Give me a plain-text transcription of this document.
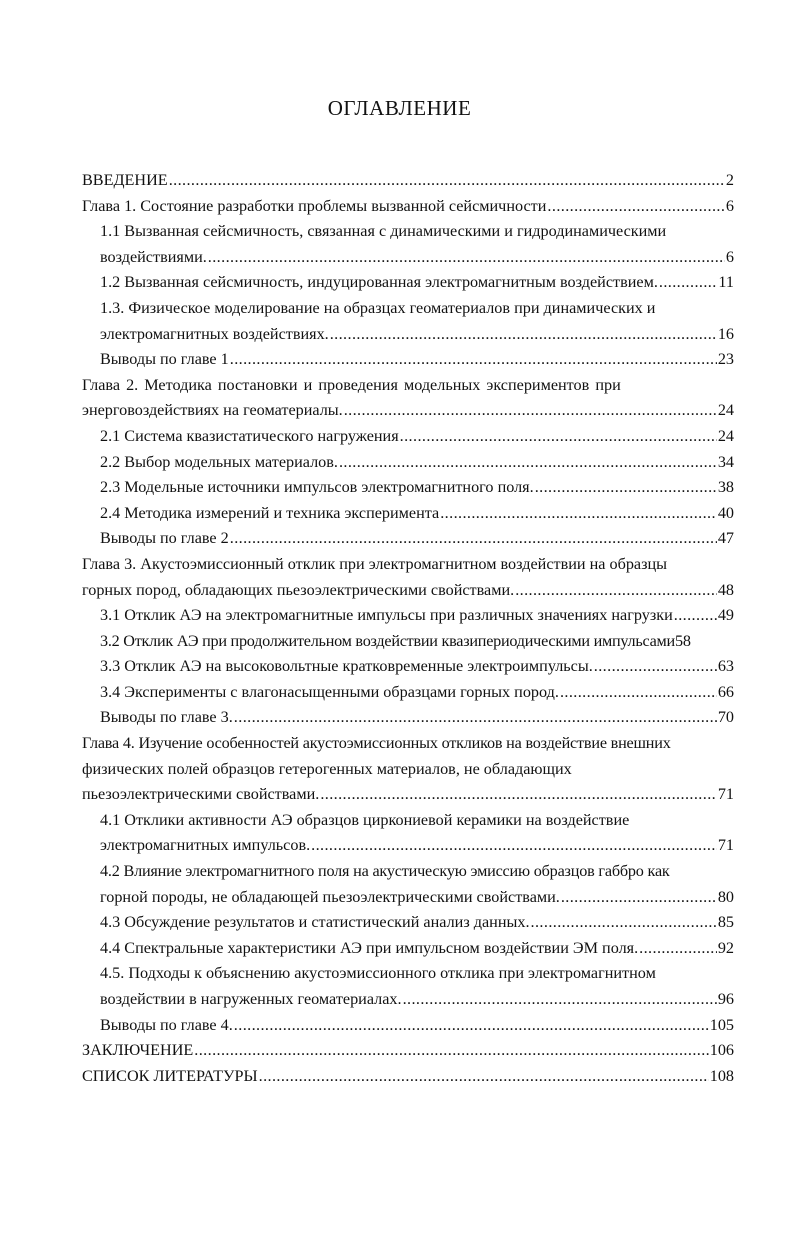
ОГЛАВЛЕНИЕ
ВВЕДЕНИЕ .....	2
Глава 1. Состояние разработки проблемы вызванной сейсмичности .....	6
1.1 Вызванная сейсмичность, связанная с динамическими и гидродинамическими
воздействиями. .....	6
1.2 Вызванная сейсмичность, индуцированная электромагнитным воздействием. .....	11
1.3. Физическое моделирование на образцах геоматериалов при динамических и
электромагнитных воздействиях. .....	16
Выводы по главе 1 .....	23
Глава 2. Методика постановки и проведения модельных экспериментов при
энерговоздействиях на геоматериалы. .....	24
2.1 Система квазистатического нагружения .....	24
2.2 Выбор модельных материалов. .....	34
2.3 Модельные источники импульсов электромагнитного поля. .....	38
2.4 Методика измерений и техника эксперимента .....	40
Выводы по главе 2 .....	47
Глава 3. Акустоэмиссионный отклик при электромагнитном воздействии на образцы
горных пород, обладающих пьезоэлектрическими свойствами. .....	48
3.1 Отклик АЭ на электромагнитные импульсы при различных значениях нагрузки .....	49
3.2 Отклик АЭ при продолжительном воздействии квазипериодическими импульсами 58
3.3 Отклик АЭ на высоковольтные кратковременные электроимпульсы. .....	63
3.4 Эксперименты с влагонасыщенными образцами горных пород. .....	66
Выводы по главе 3. .....	70
Глава 4. Изучение особенностей акустоэмиссионных откликов на воздействие внешних
физических полей образцов гетерогенных материалов, не обладающих
пьезоэлектрическими свойствами. .....	71
4.1 Отклики активности АЭ образцов циркониевой керамики на воздействие
электромагнитных импульсов. .....	71
4.2 Влияние электромагнитного поля на акустическую эмиссию образцов габбро как
горной породы, не обладающей пьезоэлектрическими свойствами. .....	80
4.3 Обсуждение результатов и статистический анализ данных. .....	85
4.4 Спектральные характеристики АЭ при импульсном воздействии ЭМ поля. .....	92
4.5. Подходы к объяснению акустоэмиссионного отклика при электромагнитном
воздействии в нагруженных геоматериалах. .....	96
Выводы по главе 4. .....	105
ЗАКЛЮЧЕНИЕ .....	106
СПИСОК ЛИТЕРАТУРЫ .....	108
